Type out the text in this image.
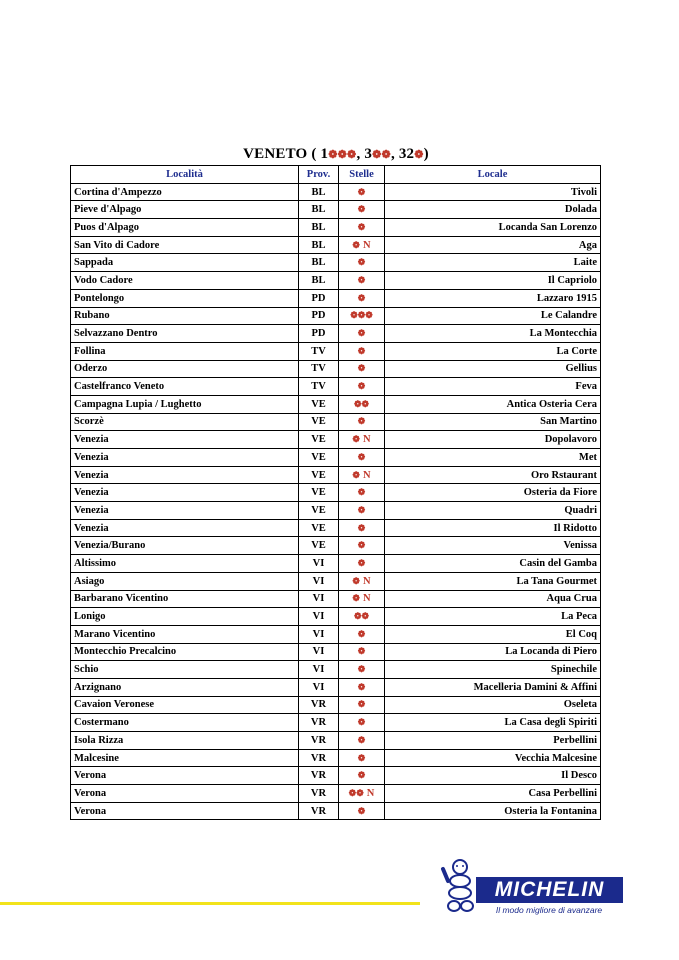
VENETO ( 1❁❁❁, 3❁❁, 32❁)
Località	Prov.	Stelle	Locale
Cortina d'Ampezzo	BL	❁	Tivoli
Pieve d'Alpago	BL	❁	Dolada
Puos d'Alpago	BL	❁	Locanda San Lorenzo
San Vito di Cadore	BL	❁ N	Aga
Sappada	BL	❁	Laite
Vodo Cadore	BL	❁	Il Capriolo
Pontelongo	PD	❁	Lazzaro 1915
Rubano	PD	❁❁❁	Le Calandre
Selvazzano Dentro	PD	❁	La Montecchia
Follina	TV	❁	La Corte
Oderzo	TV	❁	Gellius
Castelfranco Veneto	TV	❁	Feva
Campagna Lupia / Lughetto	VE	❁❁	Antica Osteria Cera
Scorzè	VE	❁	San Martino
Venezia	VE	❁ N	Dopolavoro
Venezia	VE	❁	Met
Venezia	VE	❁ N	Oro Rstaurant
Venezia	VE	❁	Osteria da Fiore
Venezia	VE	❁	Quadri
Venezia	VE	❁	Il Ridotto
Venezia/Burano	VE	❁	Venissa
Altissimo	VI	❁	Casin del Gamba
Asiago	VI	❁ N	La Tana Gourmet
Barbarano Vicentino	VI	❁ N	Aqua Crua
Lonigo	VI	❁❁	La Peca
Marano Vicentino	VI	❁	El Coq
Montecchio Precalcino	VI	❁	La Locanda di Piero
Schio	VI	❁	Spinechile
Arzignano	VI	❁	Macelleria Damini & Affini
Cavaion Veronese	VR	❁	Oseleta
Costermano	VR	❁	La Casa degli Spiriti
Isola Rizza	VR	❁	Perbellini
Malcesine	VR	❁	Vecchia Malcesine
Verona	VR	❁	Il Desco
Verona	VR	❁❁ N	Casa Perbellini
Verona	VR	❁	Osteria la Fontanina
MICHELIN
Il modo migliore di avanzare
